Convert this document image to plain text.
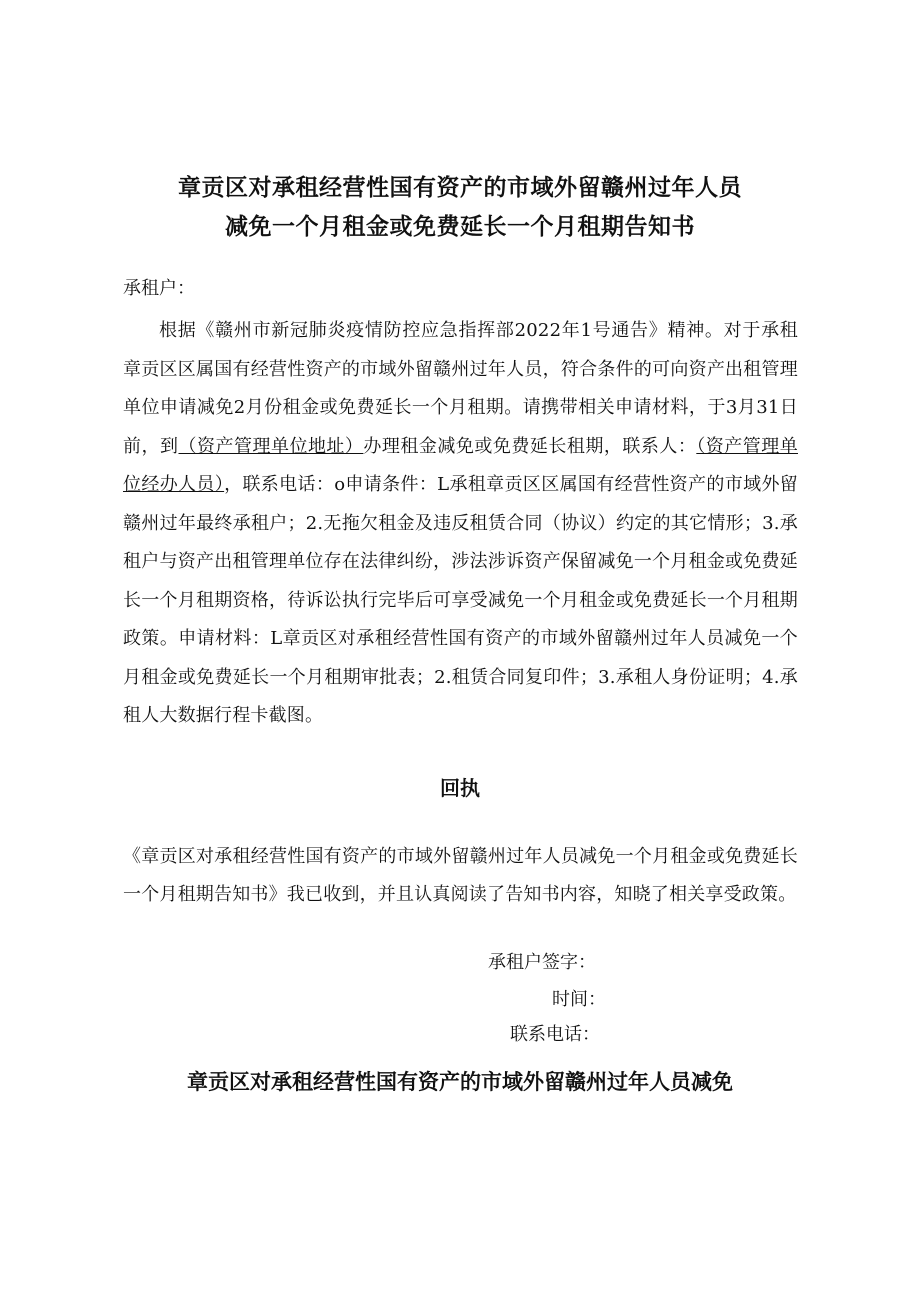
章贡区对承租经营性国有资产的市域外留赣州过年人员
减免一个月租金或免费延长一个月租期告知书
承租户：
根据《赣州市新冠肺炎疫情防控应急指挥部2022年1号通告》精神。对于承租章贡区区属国有经营性资产的市域外留赣州过年人员，符合条件的可向资产出租管理单位申请减免2月份租金或免费延长一个月租期。请携带相关申请材料，于3月31日前，到（资产管理单位地址）办理租金减免或免费延长租期，联系人：（资产管理单位经办人员），联系电话：o申请条件：L承租章贡区区属国有经营性资产的市域外留赣州过年最终承租户；2.无拖欠租金及违反租赁合同（协议）约定的其它情形；3.承租户与资产出租管理单位存在法律纠纷，涉法涉诉资产保留减免一个月租金或免费延长一个月租期资格，待诉讼执行完毕后可享受减免一个月租金或免费延长一个月租期政策。申请材料：L章贡区对承租经营性国有资产的市域外留赣州过年人员减免一个月租金或免费延长一个月租期审批表；2.租赁合同复印件；3.承租人身份证明；4.承租人大数据行程卡截图。
回执
《章贡区对承租经营性国有资产的市域外留赣州过年人员减免一个月租金或免费延长一个月租期告知书》我已收到，并且认真阅读了告知书内容，知晓了相关享受政策。
承租户签字：
时间：
联系电话：
章贡区对承租经营性国有资产的市域外留赣州过年人员减免
